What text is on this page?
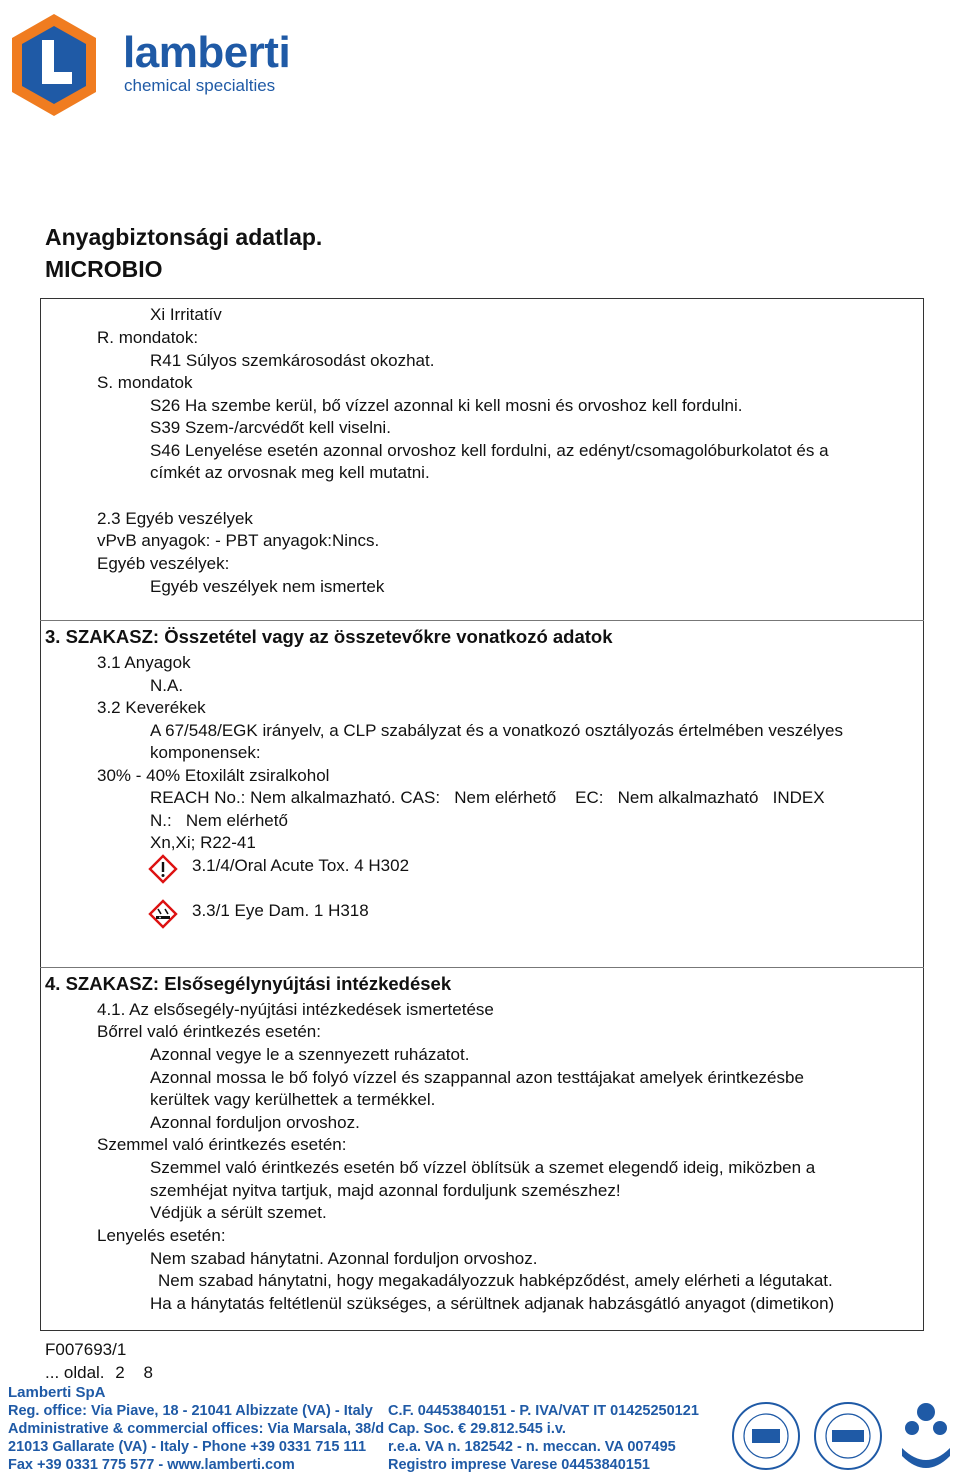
lamberti
chemical specialties
Anyagbiztonsági adatlap.
MICROBIO
Xi Irritatív
R. mondatok:
R41 Súlyos szemkárosodást okozhat.
S. mondatok
S26 Ha szembe kerül, bő vízzel azonnal ki kell mosni és orvoshoz kell fordulni.
S39 Szem-/arcvédőt kell viselni.
S46 Lenyelése esetén azonnal orvoshoz kell fordulni, az edényt/csomagolóburkolatot és a
címkét az orvosnak meg kell mutatni.
2.3 Egyéb veszélyek
vPvB anyagok: - PBT anyagok:Nincs.
Egyéb veszélyek:
Egyéb veszélyek nem ismertek
3. SZAKASZ: Összetétel vagy az összetevőkre vonatkozó adatok
3.1 Anyagok
N.A.
3.2 Keverékek
A 67/548/EGK irányelv, a CLP szabályzat és a vonatkozó osztályozás értelmében veszélyes
komponensek:
30% - 40% Etoxilált zsiralkohol
REACH No.: Nem alkalmazható. CAS:   Nem elérhető    EC:   Nem alkalmazható   INDEX
N.:   Nem elérhető
Xn,Xi; R22-41
3.1/4/Oral Acute Tox. 4 H302
3.3/1 Eye Dam. 1 H318
4. SZAKASZ: Elsősegélynyújtási intézkedések
4.1. Az elsősegély-nyújtási intézkedések ismertetése
Bőrrel való érintkezés esetén:
Azonnal vegye le a szennyezett ruházatot.
Azonnal mossa le bő folyó vízzel és szappannal azon testtájakat amelyek érintkezésbe
kerültek vagy kerülhettek a termékkel.
Azonnal forduljon orvoshoz.
Szemmel való érintkezés esetén:
Szemmel való érintkezés esetén bő vízzel öblítsük a szemet elegendő ideig, miközben a
szemhéjat nyitva tartjuk, majd azonnal forduljunk szemészhez!
Védjük a sérült szemet.
Lenyelés esetén:
Nem szabad hánytatni. Azonnal forduljon orvoshoz.
Nem szabad hánytatni, hogy megakadályozzuk habképződést, amely elérheti a légutakat.
Ha a hánytatás feltétlenül szükséges, a sérültnek adjanak habzásgátló anyagot (dimetikon)
F007693/1
... oldal. 2 8
Lamberti SpA
Reg. office: Via Piave, 18 - 21041 Albizzate (VA) - Italy
Administrative & commercial offices: Via Marsala, 38/d
21013 Gallarate (VA) - Italy - Phone +39 0331 715 111
Fax +39 0331 775 577 - www.lamberti.com
C.F. 04453840151 - P. IVA/VAT IT 01425250121
Cap. Soc. € 29.812.545 i.v.
r.e.a. VA n. 182542 - n. meccan. VA 007495
Registro imprese Varese 04453840151
